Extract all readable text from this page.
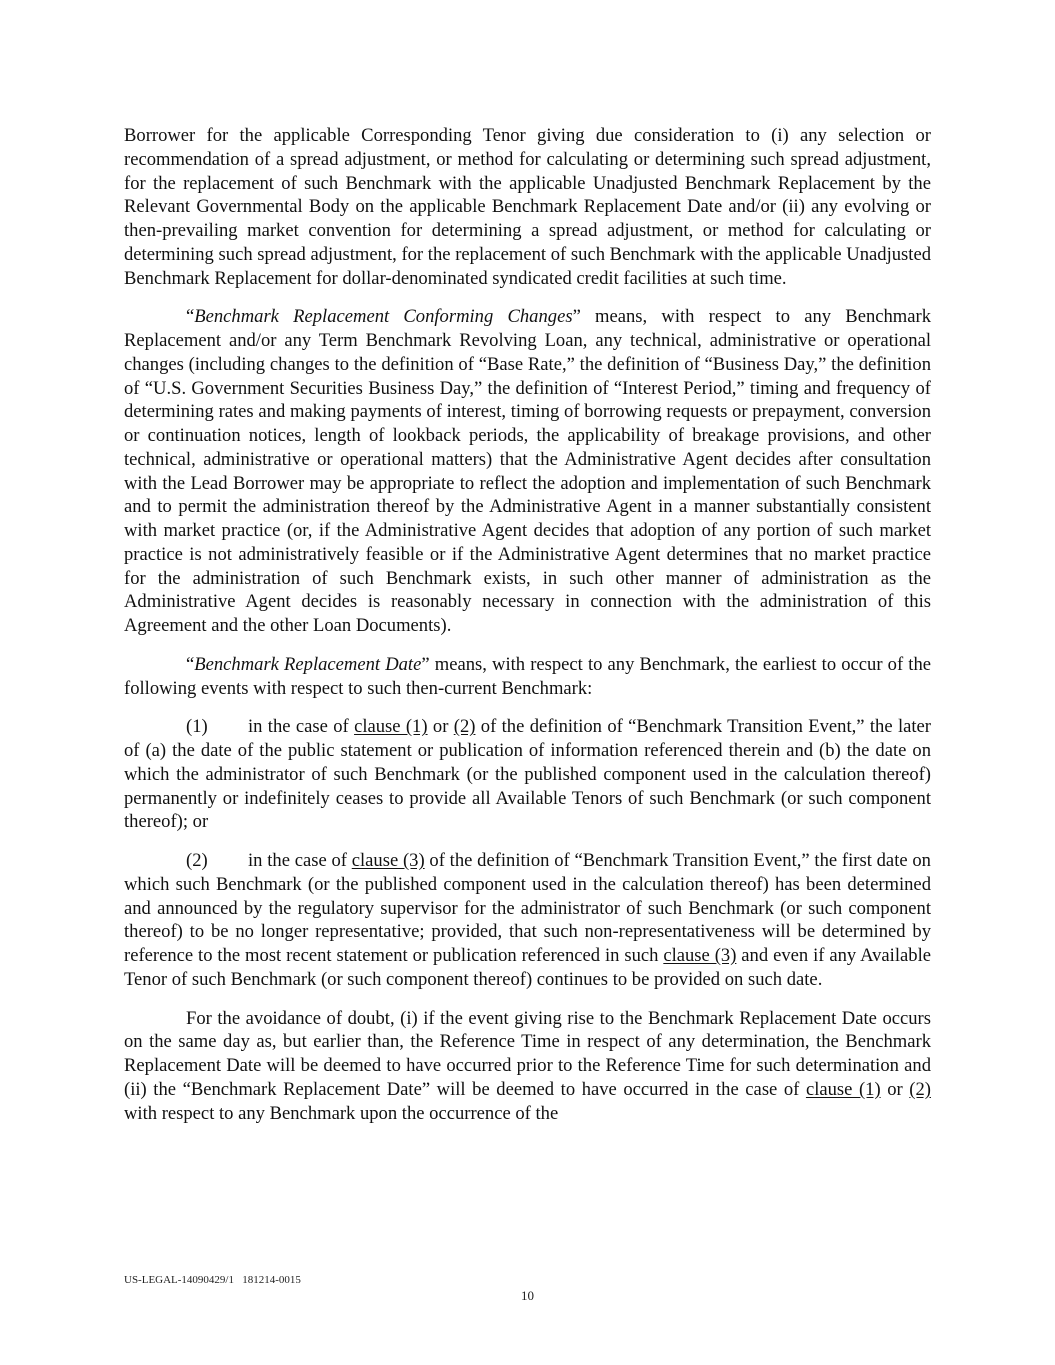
Borrower for the applicable Corresponding Tenor giving due consideration to (i) any selection or recommendation of a spread adjustment, or method for calculating or determining such spread adjustment, for the replacement of such Benchmark with the applicable Unadjusted Benchmark Replacement by the Relevant Governmental Body on the applicable Benchmark Replacement Date and/or (ii) any evolving or then-prevailing market convention for determining a spread adjustment, or method for calculating or determining such spread adjustment, for the replacement of such Benchmark with the applicable Unadjusted Benchmark Replacement for dollar-denominated syndicated credit facilities at such time.

“Benchmark Replacement Conforming Changes” means, with respect to any Benchmark Replacement and/or any Term Benchmark Revolving Loan, any technical, administrative or operational changes (including changes to the definition of “Base Rate,” the definition of “Business Day,” the definition of “U.S. Government Securities Business Day,” the definition of “Interest Period,” timing and frequency of determining rates and making payments of interest, timing of borrowing requests or prepayment, conversion or continuation notices, length of lookback periods, the applicability of breakage provisions, and other technical, administrative or operational matters) that the Administrative Agent decides after consultation with the Lead Borrower may be appropriate to reflect the adoption and implementation of such Benchmark and to permit the administration thereof by the Administrative Agent in a manner substantially consistent with market practice (or, if the Administrative Agent decides that adoption of any portion of such market practice is not administratively feasible or if the Administrative Agent determines that no market practice for the administration of such Benchmark exists, in such other manner of administration as the Administrative Agent decides is reasonably necessary in connection with the administration of this Agreement and the other Loan Documents).

“Benchmark Replacement Date” means, with respect to any Benchmark, the earliest to occur of the following events with respect to such then-current Benchmark:

(1) in the case of clause (1) or (2) of the definition of “Benchmark Transition Event,” the later of (a) the date of the public statement or publication of information referenced therein and (b) the date on which the administrator of such Benchmark (or the published component used in the calculation thereof) permanently or indefinitely ceases to provide all Available Tenors of such Benchmark (or such component thereof); or

(2) in the case of clause (3) of the definition of “Benchmark Transition Event,” the first date on which such Benchmark (or the published component used in the calculation thereof) has been determined and announced by the regulatory supervisor for the administrator of such Benchmark (or such component thereof) to be no longer representative; provided, that such non-representativeness will be determined by reference to the most recent statement or publication referenced in such clause (3) and even if any Available Tenor of such Benchmark (or such component thereof) continues to be provided on such date.

For the avoidance of doubt, (i) if the event giving rise to the Benchmark Replacement Date occurs on the same day as, but earlier than, the Reference Time in respect of any determination, the Benchmark Replacement Date will be deemed to have occurred prior to the Reference Time for such determination and (ii) the “Benchmark Replacement Date” will be deemed to have occurred in the case of clause (1) or (2) with respect to any Benchmark upon the occurrence of the

US-LEGAL-14090429/1   181214-0015
10
